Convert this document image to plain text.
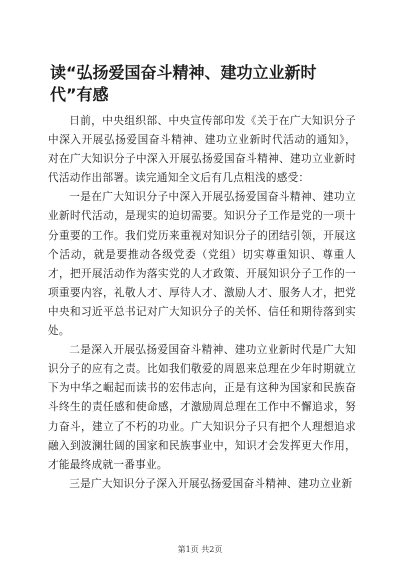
读“弘扬爱国奋斗精神、建功立业新时代”有感

日前，中央组织部、中央宣传部印发《关于在广大知识分子中深入开展弘扬爱国奋斗精神、建功立业新时代活动的通知》，对在广大知识分子中深入开展弘扬爱国奋斗精神、建功立业新时代活动作出部署。读完通知全文后有几点粗浅的感受：

一是在广大知识分子中深入开展弘扬爱国奋斗精神、建功立业新时代活动，是现实的迫切需要。知识分子工作是党的一项十分重要的工作。我们党历来重视对知识分子的团结引领，开展这个活动，就是要推动各级党委（党组）切实尊重知识、尊重人才，把开展活动作为落实党的人才政策、开展知识分子工作的一项重要内容，礼敬人才、厚待人才、激励人才、服务人才，把党中央和习近平总书记对广大知识分子的关怀、信任和期待落到实处。

二是深入开展弘扬爱国奋斗精神、建功立业新时代是广大知识分子的应有之责。比如我们敬爱的周恩来总理在少年时期就立下为中华之崛起而读书的宏伟志向，正是有这种为国家和民族奋斗终生的责任感和使命感，才激励周总理在工作中不懈追求，努力奋斗，建立了不朽的功业。广大知识分子只有把个人理想追求融入到波澜壮阔的国家和民族事业中，知识才会发挥更大作用，才能最终成就一番事业。

三是广大知识分子深入开展弘扬爱国奋斗精神、建功立业新

第1页 共2页
